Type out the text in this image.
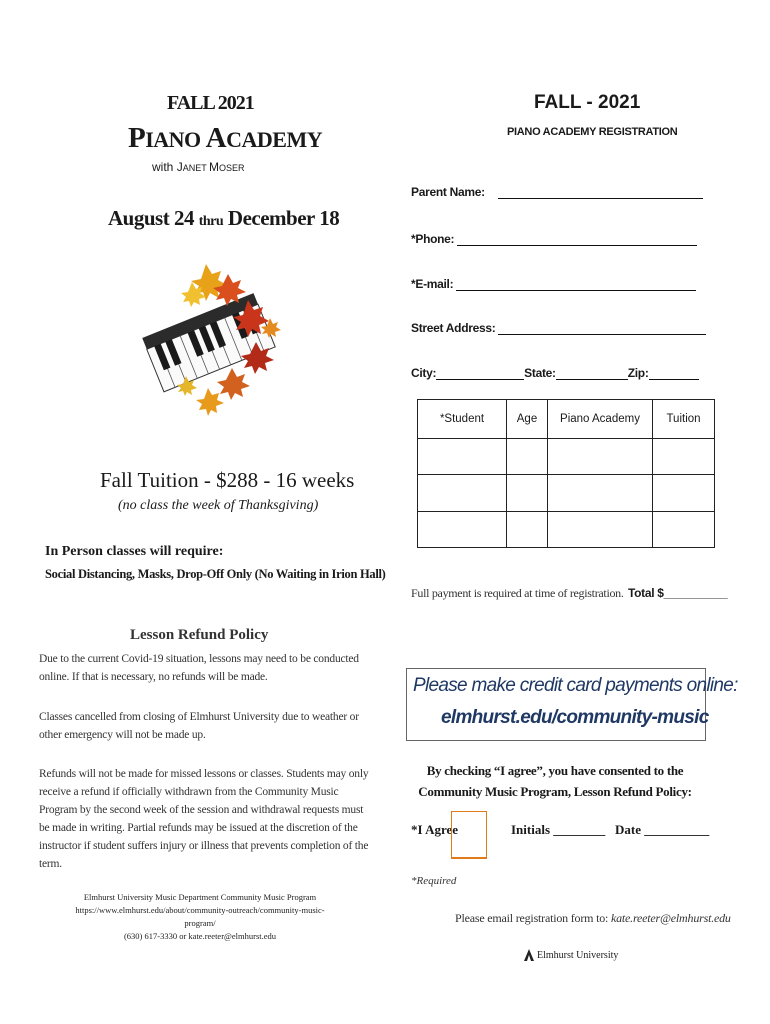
FALL 2021
PIANO ACADEMY
with JANET MOSER
August 24 thru December 18
Fall Tuition - $288 - 16 weeks
(no class the week of Thanksgiving)
In Person classes will require:
Social Distancing, Masks, Drop-Off Only (No Waiting in Irion Hall)
Lesson Refund Policy
Due to the current Covid-19 situation, lessons may need to be conducted online. If that is necessary, no refunds will be made.
Classes cancelled from closing of Elmhurst University due to weather or other emergency will not be made up.
Refunds will not be made for missed lessons or classes. Students may only receive a refund if officially withdrawn from the Community Music Program by the second week of the session and withdrawal requests must be made in writing. Partial refunds may be issued at the discretion of the instructor if student suffers injury or illness that prevents completion of the term.
Elmhurst University Music Department Community Music Program
https://www.elmhurst.edu/about/community-outreach/community-music-program/
(630) 617-3330 or kate.reeter@elmhurst.edu
FALL - 2021
PIANO ACADEMY REGISTRATION
Parent Name:
*Phone:
*E-mail:
Street Address:
City:	State:	Zip:
*Student	Age	Piano Academy	Tuition

Full payment is required at time of registration. Total $__________
Please make credit card payments online:
elmhurst.edu/community-music
By checking “I agree”, you have consented to the Community Music Program, Lesson Refund Policy:
*I Agree	Initials ________ Date __________
*Required
Please email registration form to: kate.reeter@elmhurst.edu
Elmhurst University
